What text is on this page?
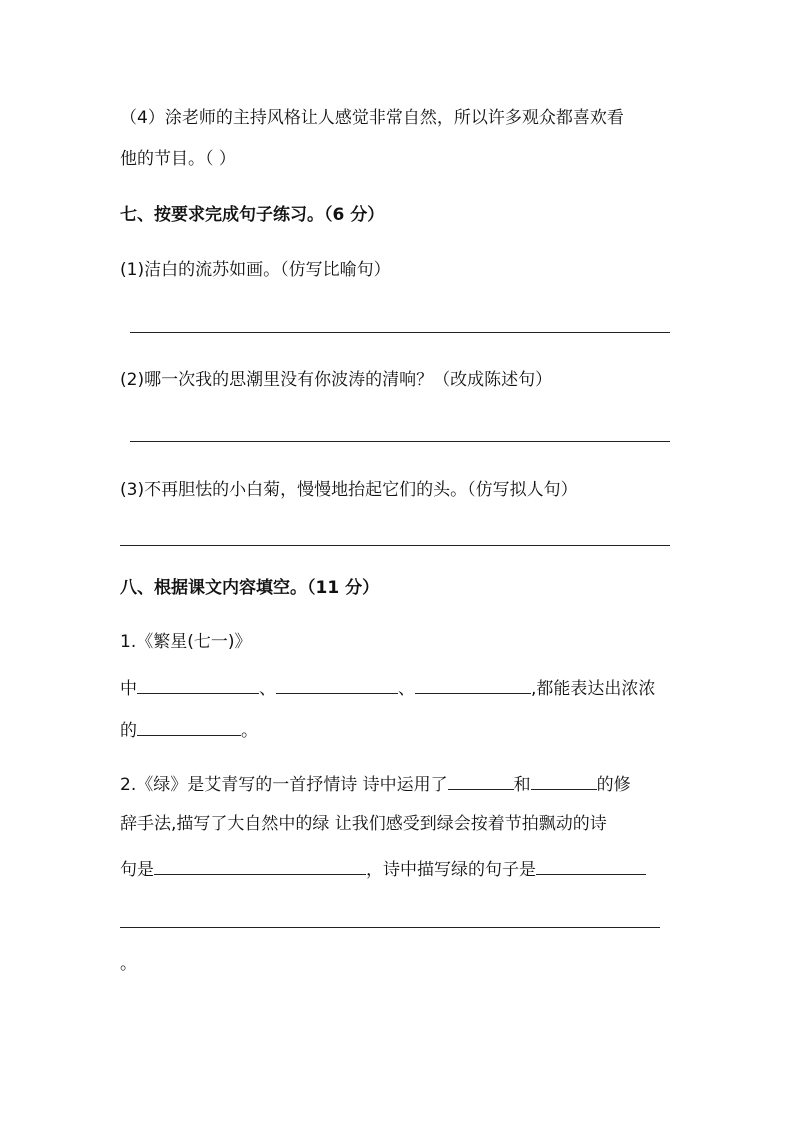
（4）涂老师的主持风格让人感觉非常自然，所以许多观众都喜欢看
他的节目。（ ）
七、按要求完成句子练习。（6 分）
(1)洁白的流苏如画。（仿写比喻句）
(2)哪一次我的思潮里没有你波涛的清响？（改成陈述句）
(3)不再胆怯的小白菊，慢慢地抬起它们的头。（仿写拟人句）
八、根据课文内容填空。（11 分）
1.《繁星(七一)》
中	、	、	,都能表达出浓浓
的	。
2.《绿》是艾青写的一首抒情诗 诗中运用了	和	的修
辞手法,描写了大自然中的绿 让我们感受到绿会按着节拍飘动的诗
句是	，诗中描写绿的句子是
。
